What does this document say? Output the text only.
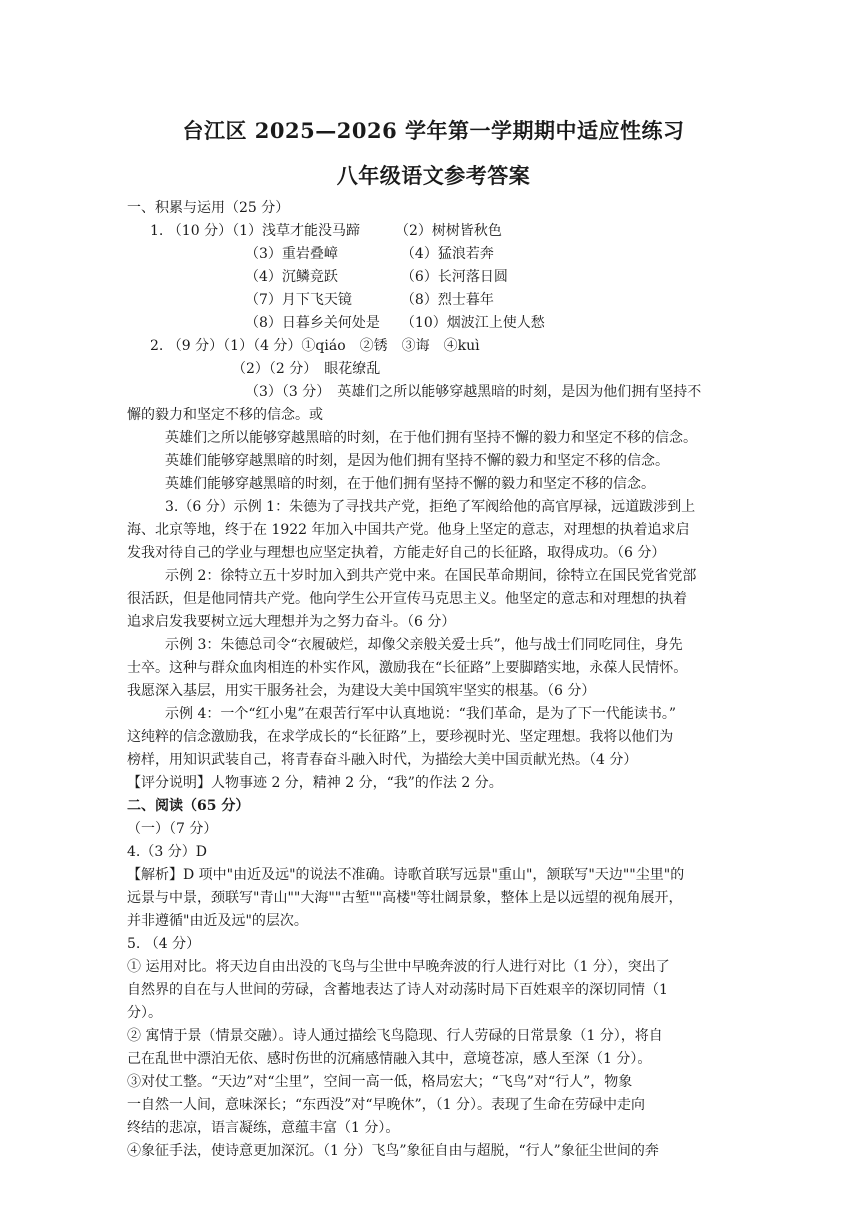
台江区 2025—2026 学年第一学期期中适应性练习
八年级语文参考答案
一、积累与运用（25 分）
1. （10 分）（1）浅草才能没马蹄　　　（2）树树皆秋色
（3）重岩叠嶂　　　　　（4）猛浪若奔
（4）沉鳞竞跃　　　　　（6）长河落日圆
（7）月下飞天镜　　　　（8）烈士暮年
（8）日暮乡关何处是　　（10）烟波江上使人愁
2. （9 分）（1）（4 分）①qiáo　②锈　③诲　④kuì
（2）（2 分）　眼花缭乱
（3）（3 分）　英雄们之所以能够穿越黑暗的时刻，是因为他们拥有坚持不
懈的毅力和坚定不移的信念。或
英雄们之所以能够穿越黑暗的时刻，在于他们拥有坚持不懈的毅力和坚定不移的信念。
英雄们能够穿越黑暗的时刻，是因为他们拥有坚持不懈的毅力和坚定不移的信念。
英雄们能够穿越黑暗的时刻，在于他们拥有坚持不懈的毅力和坚定不移的信念。
3.（6 分）示例 1：朱德为了寻找共产党，拒绝了军阀给他的高官厚禄，远道跋涉到上
海、北京等地，终于在 1922 年加入中国共产党。他身上坚定的意志，对理想的执着追求启
发我对待自己的学业与理想也应坚定执着，方能走好自己的长征路，取得成功。（6 分）
示例 2：徐特立五十岁时加入到共产党中来。在国民革命期间，徐特立在国民党省党部
很活跃，但是他同情共产党。他向学生公开宣传马克思主义。他坚定的意志和对理想的执着
追求启发我要树立远大理想并为之努力奋斗。（6 分）
示例 3：朱德总司令“衣履破烂，却像父亲般关爱士兵”，他与战士们同吃同住，身先
士卒。这种与群众血肉相连的朴实作风，激励我在“长征路”上要脚踏实地，永葆人民情怀。
我愿深入基层，用实干服务社会，为建设大美中国筑牢坚实的根基。（6 分）
示例 4：一个“红小鬼”在艰苦行军中认真地说：“我们革命，是为了下一代能读书。”
这纯粹的信念激励我，在求学成长的“长征路”上，要珍视时光、坚定理想。我将以他们为
榜样，用知识武装自己，将青春奋斗融入时代，为描绘大美中国贡献光热。（4 分）
【评分说明】人物事迹 2 分，精神 2 分，“我”的作法 2 分。
二、阅读（65 分）
（一）（7 分）
4.（3 分）D
【解析】D 项中"由近及远"的说法不准确。诗歌首联写远景"重山"，颔联写"天边""尘里"的
远景与中景，颈联写"青山""大海""古堑""高楼"等壮阔景象，整体上是以远望的视角展开，
并非遵循"由近及远"的层次。
5. （4 分）
① 运用对比。将天边自由出没的飞鸟与尘世中早晚奔波的行人进行对比（1 分），突出了
自然界的自在与人世间的劳碌，含蓄地表达了诗人对动荡时局下百姓艰辛的深切同情（1
分）。
② 寓情于景（情景交融）。诗人通过描绘飞鸟隐现、行人劳碌的日常景象（1 分），将自
己在乱世中漂泊无依、感时伤世的沉痛感情融入其中，意境苍凉，感人至深（1 分）。
③对仗工整。“天边”对“尘里”，空间一高一低，格局宏大；“飞鸟”对“行人”，物象
一自然一人间，意味深长；“东西没”对“早晚休”，（1 分）。表现了生命在劳碌中走向
终结的悲凉，语言凝练，意蕴丰富（1 分）。
④象征手法，使诗意更加深沉。（1 分）飞鸟”象征自由与超脱，“行人”象征尘世间的奔
